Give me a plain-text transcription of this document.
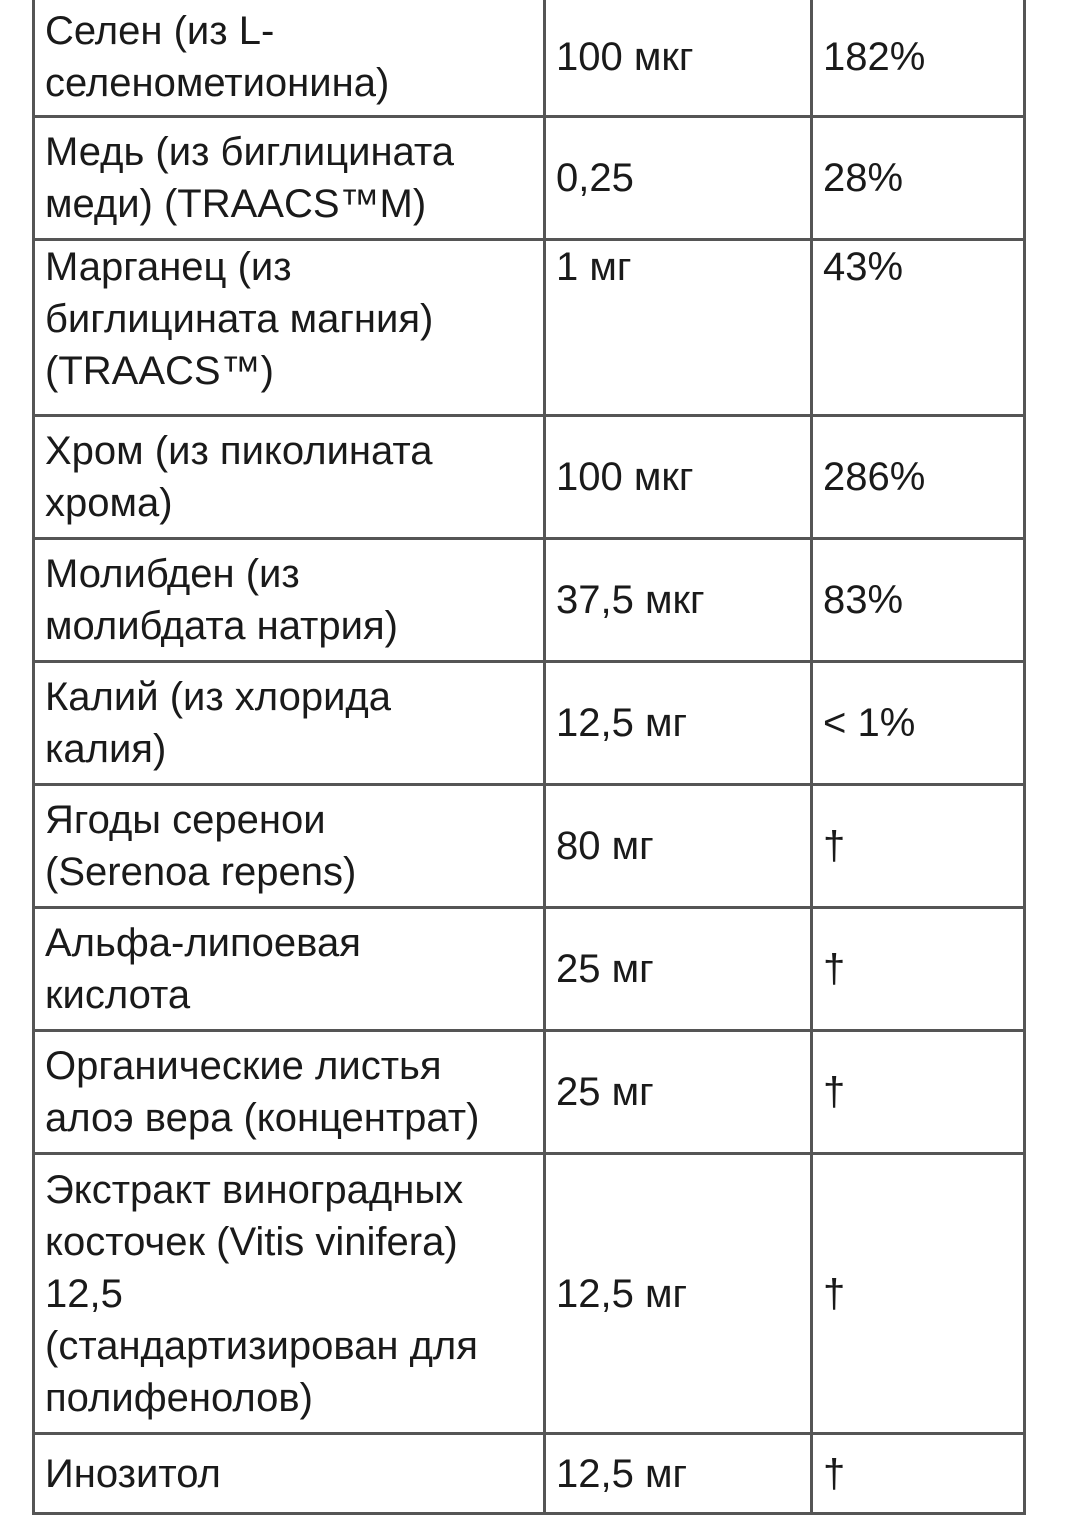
Селен (из L-
селенометионина)	100 мкг	182%
Медь (из биглицината
меди) (TRAACS™M)	0,25	28%
Марганец (из
биглицината магния)
(TRAACS™)	1 мг	43%
Хром (из пиколината
хрома)	100 мкг	286%
Молибден (из
молибдата натрия)	37,5 мкг	83%
Калий (из хлорида
калия)	12,5 мг	< 1%
Ягоды серенои
(Serenoa repens)	80 мг	†
Альфа-липоевая
кислота	25 мг	†
Органические листья
алоэ вера (концентрат)	25 мг	†
Экстракт виноградных
косточек (Vitis vinifera)
12,5
(стандартизирован для
полифенолов)	12,5 мг	†
Инозитол	12,5 мг	†
